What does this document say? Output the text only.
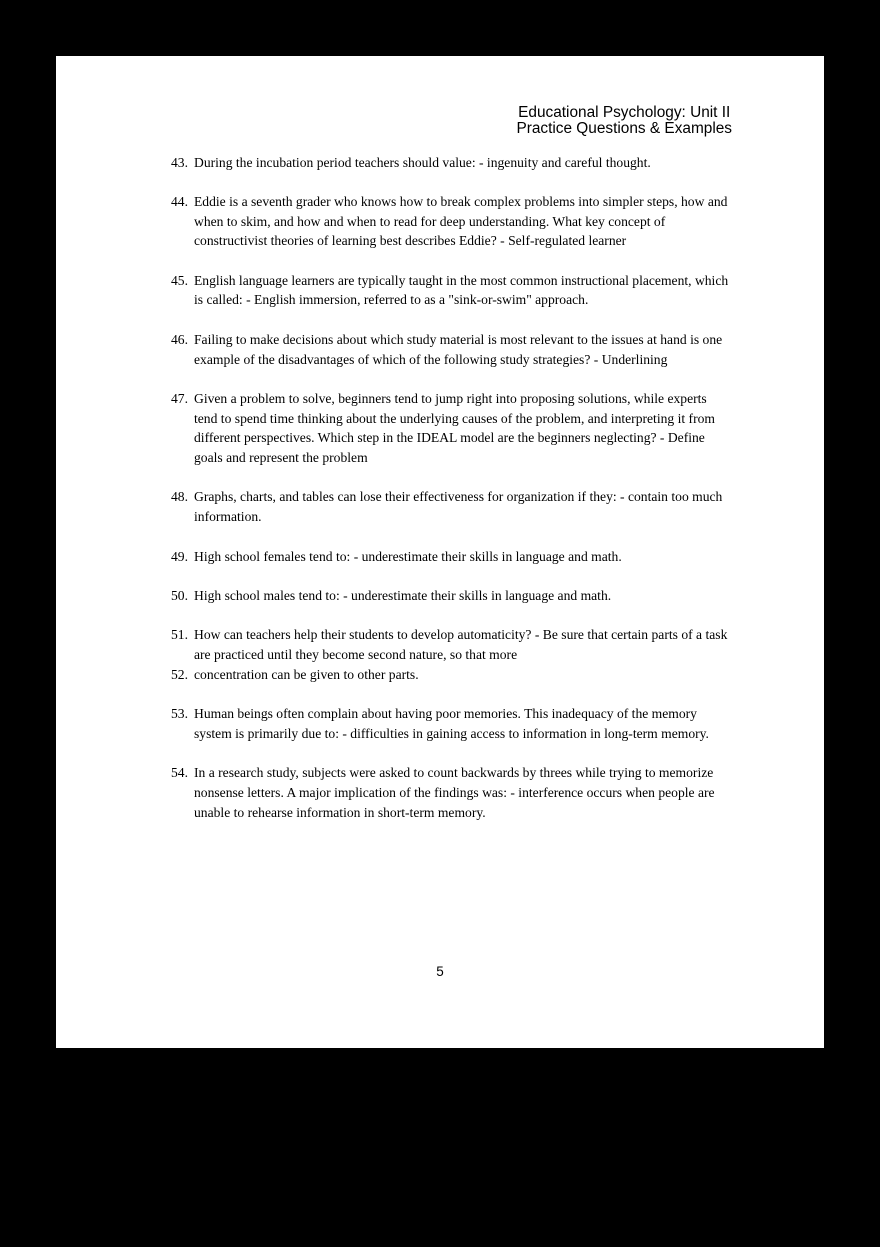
Educational Psychology: Unit II
Practice Questions & Examples
43. During the incubation period teachers should value: - ingenuity and careful thought.
44. Eddie is a seventh grader who knows how to break complex problems into simpler steps, how and when to skim, and how and when to read for deep understanding. What key concept of constructivist theories of learning best describes Eddie? - Self-regulated learner
45. English language learners are typically taught in the most common instructional placement, which is called: - English immersion, referred to as a "sink-or-swim" approach.
46. Failing to make decisions about which study material is most relevant to the issues at hand is one example of the disadvantages of which of the following study strategies? - Underlining
47. Given a problem to solve, beginners tend to jump right into proposing solutions, while experts tend to spend time thinking about the underlying causes of the problem, and interpreting it from different perspectives. Which step in the IDEAL model are the beginners neglecting? - Define goals and represent the problem
48. Graphs, charts, and tables can lose their effectiveness for organization if they: - contain too much information.
49. High school females tend to: - underestimate their skills in language and math.
50. High school males tend to: - underestimate their skills in language and math.
51. How can teachers help their students to develop automaticity? - Be sure that certain parts of a task are practiced until they become second nature, so that more
52. concentration can be given to other parts.
53. Human beings often complain about having poor memories. This inadequacy of the memory system is primarily due to: - difficulties in gaining access to information in long-term memory.
54. In a research study, subjects were asked to count backwards by threes while trying to memorize nonsense letters. A major implication of the findings was: - interference occurs when people are unable to rehearse information in short-term memory.
5
